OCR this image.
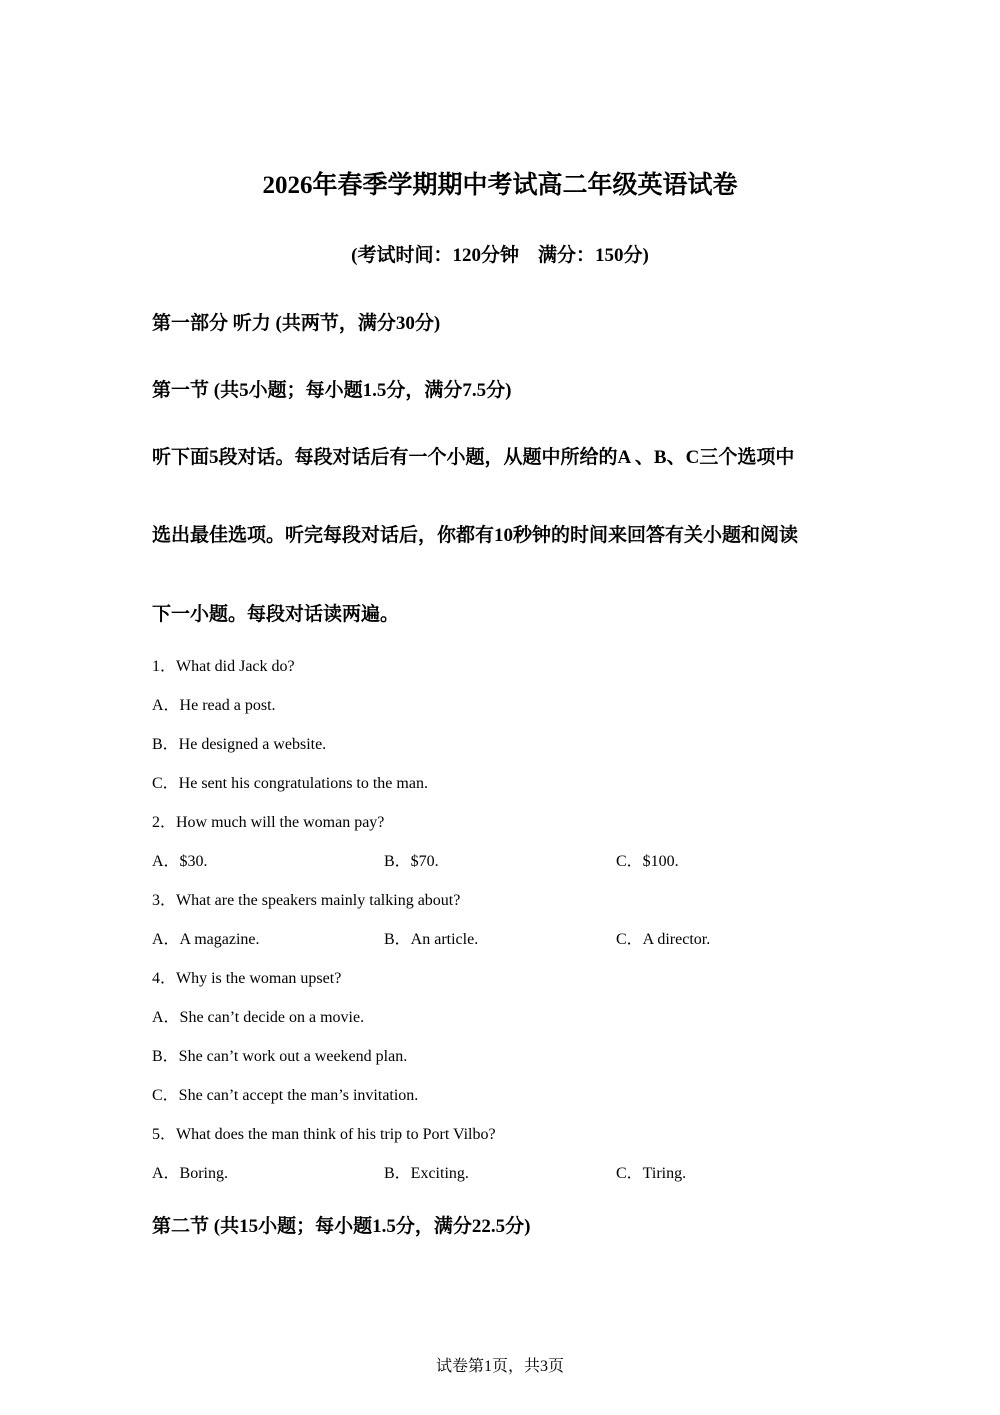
2026年春季学期期中考试高二年级英语试卷
(考试时间：120分钟　满分：150分)
第一部分 听力 (共两节，满分30分)
第一节 (共5小题；每小题1.5分，满分7.5分)
听下面5段对话。每段对话后有一个小题，从题中所给的A 、B、C三个选项中
选出最佳选项。听完每段对话后，你都有10秒钟的时间来回答有关小题和阅读
下一小题。每段对话读两遍。
1．What did Jack do?
A．He read a post.
B．He designed a website.
C．He sent his congratulations to the man.
2．How much will the woman pay?
A．$30.	B．$70.	C．$100.
3．What are the speakers mainly talking about?
A．A magazine.	B．An article.	C．A director.
4．Why is the woman upset?
A．She can’t decide on a movie.
B．She can’t work out a weekend plan.
C．She can’t accept the man’s invitation.
5．What does the man think of his trip to Port Vilbo?
A．Boring.	B．Exciting.	C．Tiring.
第二节 (共15小题；每小题1.5分，满分22.5分)
试卷第1页，共3页
